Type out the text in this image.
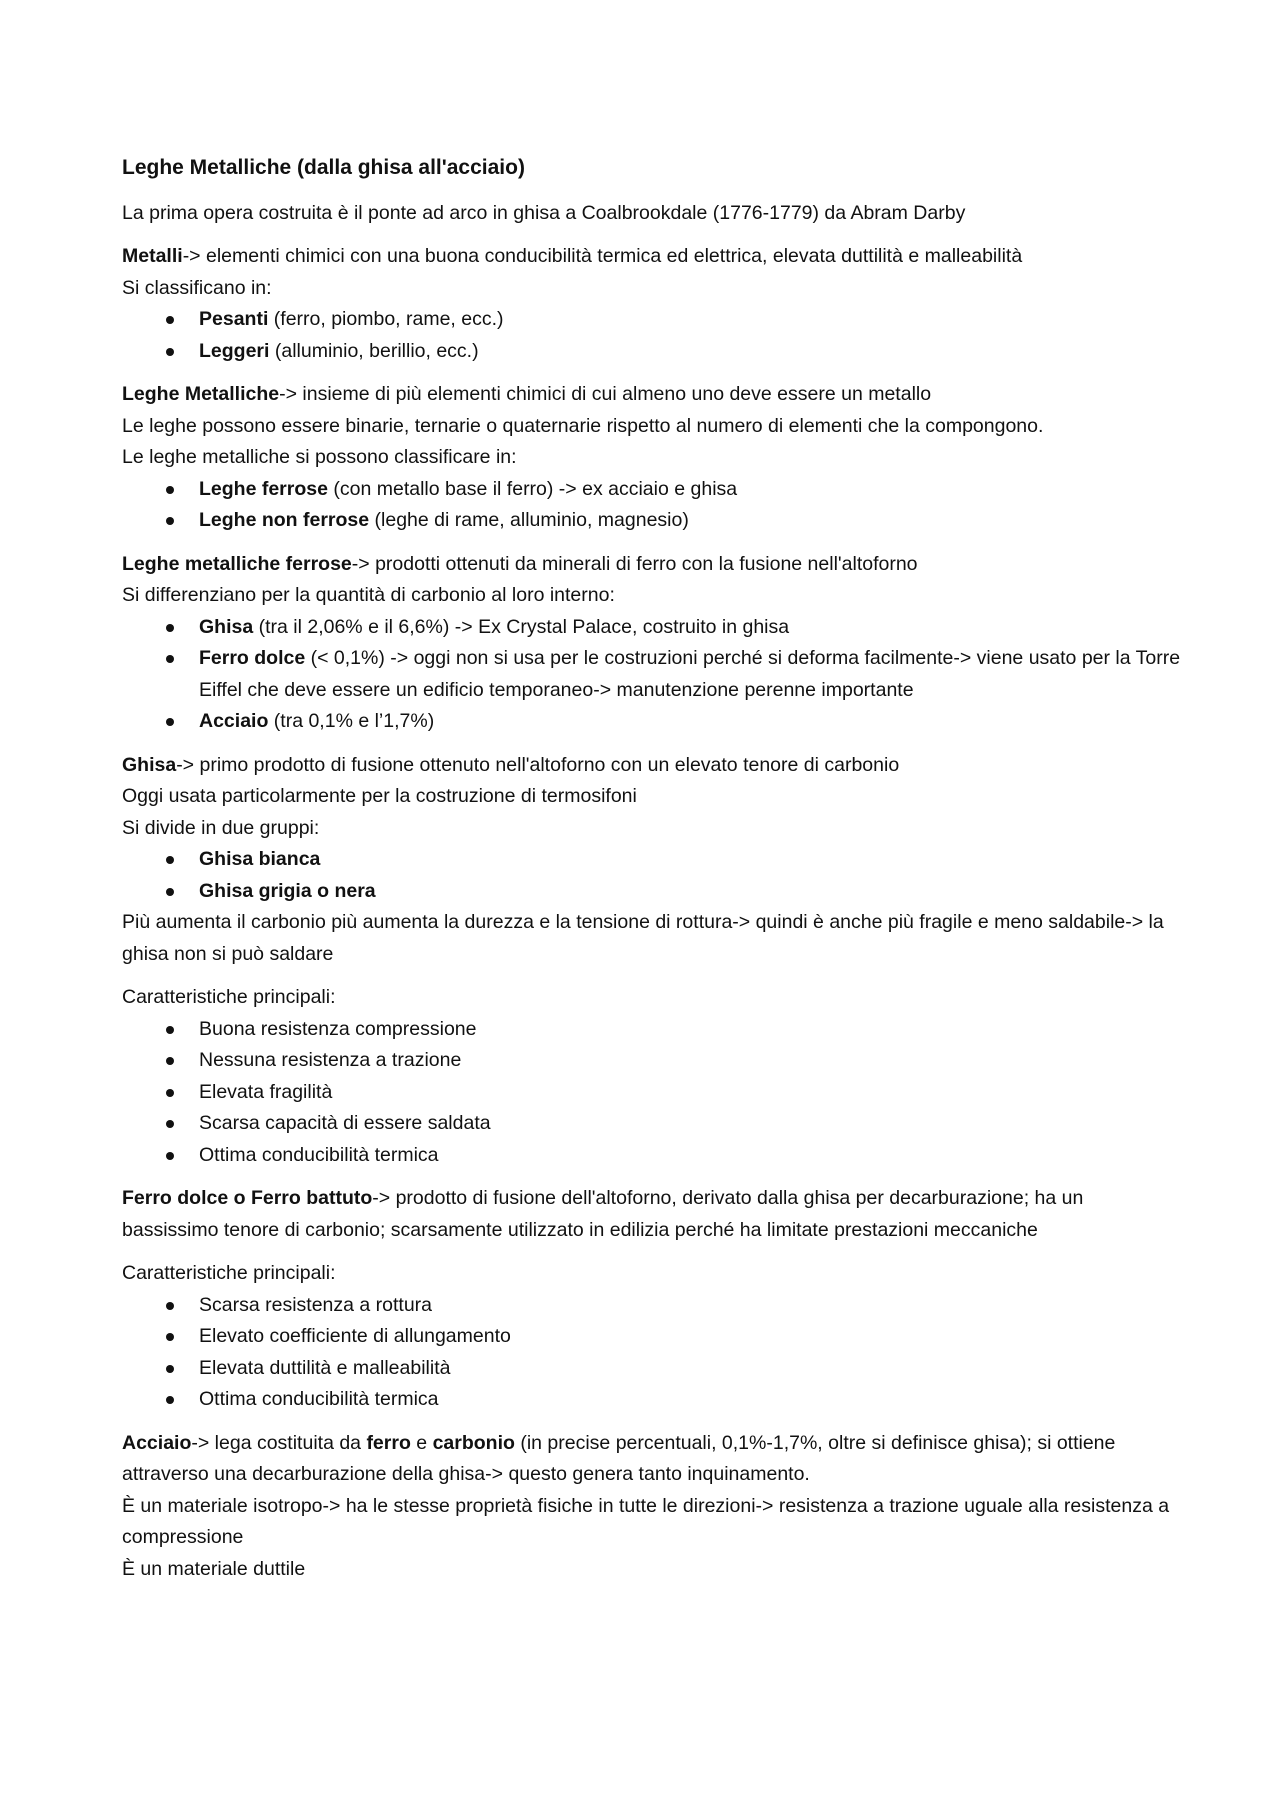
Leghe Metalliche (dalla ghisa all'acciaio)
La prima opera costruita è il ponte ad arco in ghisa a Coalbrookdale (1776-1779) da Abram Darby
Metalli-> elementi chimici con una buona conducibilità termica ed elettrica, elevata duttilità e malleabilità
Si classificano in:
Pesanti (ferro, piombo, rame, ecc.)
Leggeri (alluminio, berillio, ecc.)
Leghe Metalliche-> insieme di più elementi chimici di cui almeno uno deve essere un metallo
Le leghe possono essere binarie, ternarie o quaternarie rispetto al numero di elementi che la compongono.
Le leghe metalliche si possono classificare in:
Leghe ferrose (con metallo base il ferro) -> ex acciaio e ghisa
Leghe non ferrose (leghe di rame, alluminio, magnesio)
Leghe metalliche ferrose-> prodotti ottenuti da minerali di ferro con la fusione nell'altoforno
Si differenziano per la quantità di carbonio al loro interno:
Ghisa (tra il 2,06% e il 6,6%) -> Ex Crystal Palace, costruito in ghisa
Ferro dolce (< 0,1%) -> oggi non si usa per le costruzioni perché si deforma facilmente-> viene usato per la Torre Eiffel che deve essere un edificio temporaneo-> manutenzione perenne importante
Acciaio (tra 0,1% e l’1,7%)
Ghisa-> primo prodotto di fusione ottenuto nell'altoforno con un elevato tenore di carbonio
Oggi usata particolarmente per la costruzione di termosifoni
Si divide in due gruppi:
Ghisa bianca
Ghisa grigia o nera
Più aumenta il carbonio più aumenta la durezza e la tensione di rottura-> quindi è anche più fragile e meno saldabile-> la ghisa non si può saldare
Caratteristiche principali:
Buona resistenza compressione
Nessuna resistenza a trazione
Elevata fragilità
Scarsa capacità di essere saldata
Ottima conducibilità termica
Ferro dolce o Ferro battuto-> prodotto di fusione dell'altoforno, derivato dalla ghisa per decarburazione; ha un bassissimo tenore di carbonio; scarsamente utilizzato in edilizia perché ha limitate prestazioni meccaniche
Caratteristiche principali:
Scarsa resistenza a rottura
Elevato coefficiente di allungamento
Elevata duttilità e malleabilità
Ottima conducibilità termica
Acciaio-> lega costituita da ferro e carbonio (in precise percentuali, 0,1%-1,7%, oltre si definisce ghisa); si ottiene attraverso una decarburazione della ghisa-> questo genera tanto inquinamento.
È un materiale isotropo-> ha le stesse proprietà fisiche in tutte le direzioni-> resistenza a trazione uguale alla resistenza a compressione
È un materiale duttile
